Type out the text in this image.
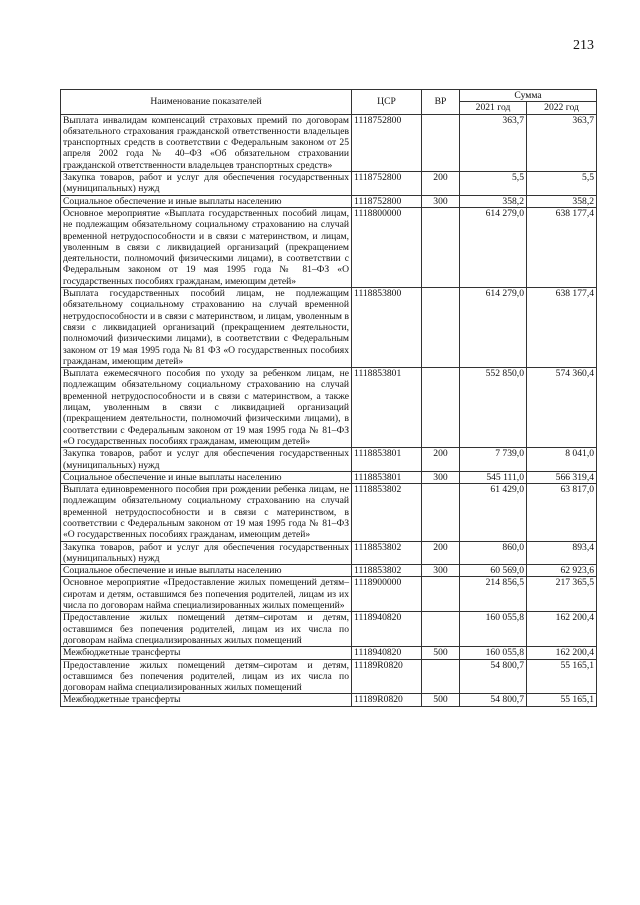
213
Наименование показателей	ЦСР	ВР	Сумма	
			2021 год	2022 год
Выплата инвалидам компенсаций страховых премий по договорам обязательного страхования гражданской ответственности владельцев транспортных средств в соответствии с Федеральным законом от 25 апреля 2002 года № 40–ФЗ «Об обязательном страховании гражданской ответственности владельцев транспортных средств»	1118752800		363,7	363,7
Закупка товаров, работ и услуг для обеспечения государственных (муниципальных) нужд	1118752800	200	5,5	5,5
Социальное обеспечение и иные выплаты населению	1118752800	300	358,2	358,2
Основное мероприятие «Выплата государственных пособий лицам, не подлежащим обязательному социальному страхованию на случай временной нетрудоспособности и в связи с материнством, и лицам, уволенным в связи с ликвидацией организаций (прекращением деятельности, полномочий физическими лицами), в соответствии с Федеральным законом от 19 мая 1995 года № 81–ФЗ «О государственных пособиях гражданам, имеющим детей»	1118800000		614 279,0	638 177,4
Выплата государственных пособий лицам, не подлежащим обязательному социальному страхованию на случай временной нетрудоспособности и в связи с материнством, и лицам, уволенным в связи с ликвидацией организаций (прекращением деятельности, полномочий физическими лицами), в соответствии с Федеральным законом от 19 мая 1995 года № 81 ФЗ «О государственных пособиях гражданам, имеющим детей»	1118853800		614 279,0	638 177,4
Выплата ежемесячного пособия по уходу за ребенком лицам, не подлежащим обязательному социальному страхованию на случай временной нетрудоспособности и в связи с материнством, а также лицам, уволенным в связи с ликвидацией организаций (прекращением деятельности, полномочий физическими лицами), в соответствии с Федеральным законом от 19 мая 1995 года № 81–ФЗ «О государственных пособиях гражданам, имеющим детей»	1118853801		552 850,0	574 360,4
Закупка товаров, работ и услуг для обеспечения государственных (муниципальных) нужд	1118853801	200	7 739,0	8 041,0
Социальное обеспечение и иные выплаты населению	1118853801	300	545 111,0	566 319,4
Выплата единовременного пособия при рождении ребенка лицам, не подлежащим обязательному социальному страхованию на случай временной нетрудоспособности и в связи с материнством, в соответствии с Федеральным законом от 19 мая 1995 года № 81–ФЗ «О государственных пособиях гражданам, имеющим детей»	1118853802		61 429,0	63 817,0
Закупка товаров, работ и услуг для обеспечения государственных (муниципальных) нужд	1118853802	200	860,0	893,4
Социальное обеспечение и иные выплаты населению	1118853802	300	60 569,0	62 923,6
Основное мероприятие «Предоставление жилых помещений детям–сиротам и детям, оставшимся без попечения родителей, лицам из их числа по договорам найма специализированных жилых помещений»	1118900000		214 856,5	217 365,5
Предоставление жилых помещений детям–сиротам и детям, оставшимся без попечения родителей, лицам из их числа по договорам найма специализированных жилых помещений	1118940820		160 055,8	162 200,4
Межбюджетные трансферты	1118940820	500	160 055,8	162 200,4
Предоставление жилых помещений детям–сиротам и детям, оставшимся без попечения родителей, лицам из их числа по договорам найма специализированных жилых помещений	11189R0820		54 800,7	55 165,1
Межбюджетные трансферты	11189R0820	500	54 800,7	55 165,1
